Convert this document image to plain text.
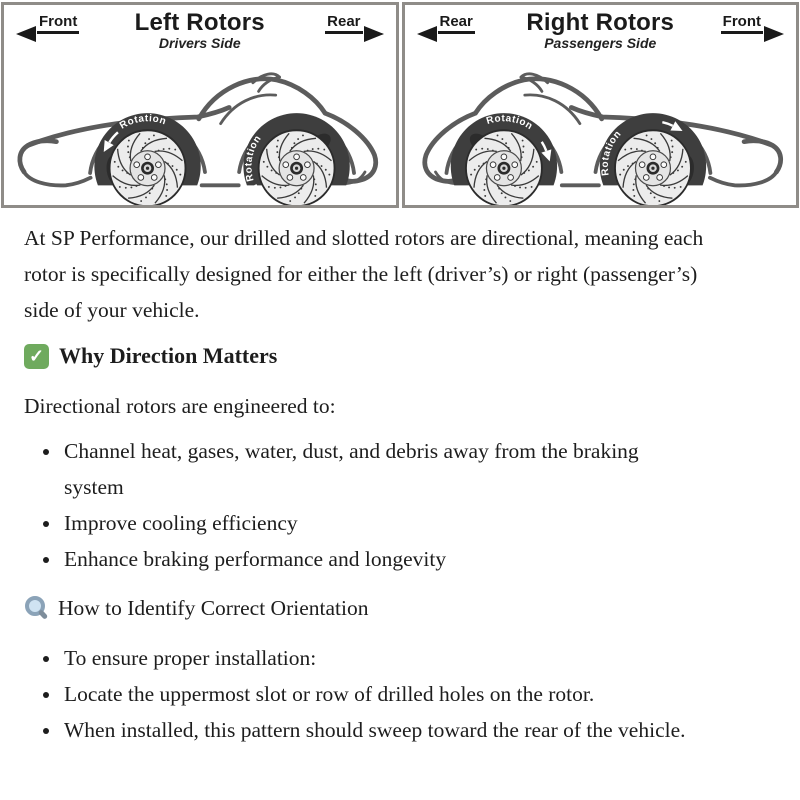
Front	Left Rotors
Drivers Side
Rear
Rotation
Rotation
Rear	Right Rotors
Passengers Side
Front
Rotation
Rotation

At SP Performance, our drilled and slotted rotors are directional, meaning each rotor is specifically designed for either the left (driver’s) or right (passenger’s) side of your vehicle.

✓ Why Direction Matters

Directional rotors are engineered to:

• Channel heat, gases, water, dust, and debris away from the braking system
• Improve cooling efficiency
• Enhance braking performance and longevity
How to Identify Correct Orientation
• To ensure proper installation:
• Locate the uppermost slot or row of drilled holes on the rotor.
• When installed, this pattern should sweep toward the rear of the vehicle.
